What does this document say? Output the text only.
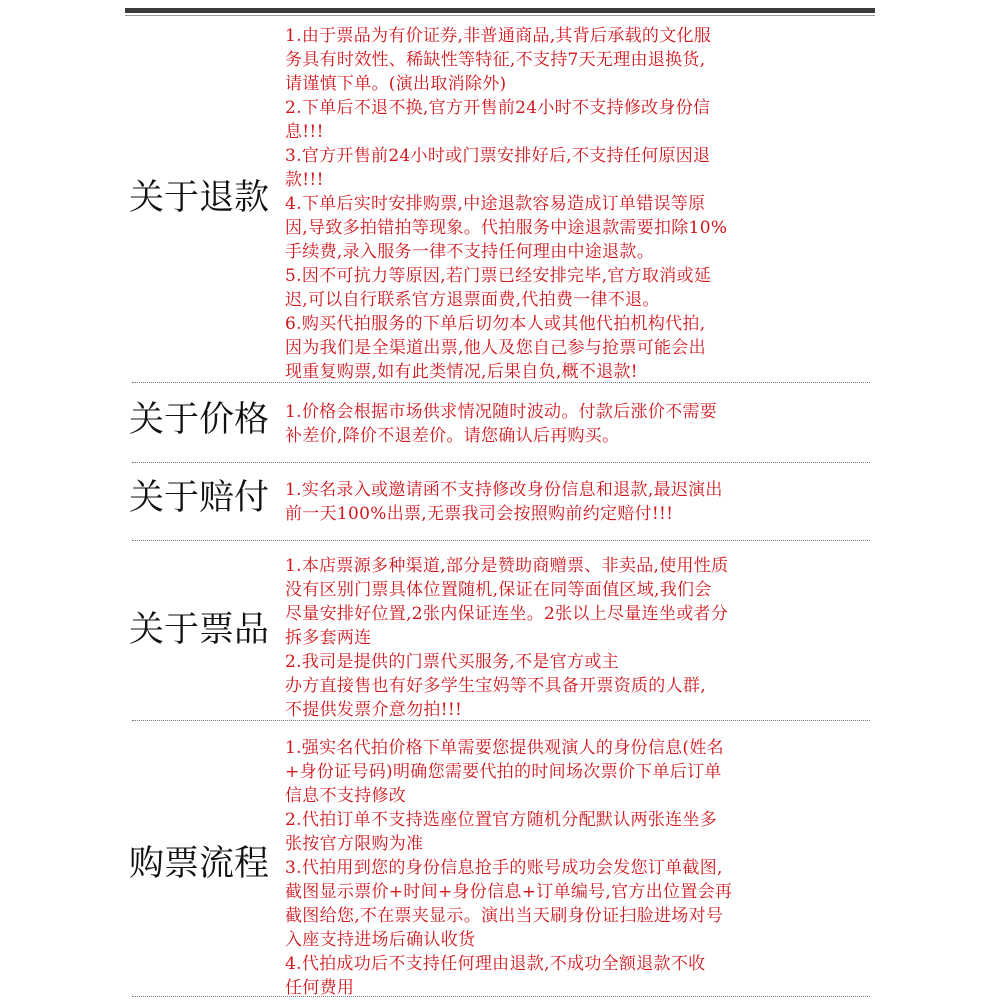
关于退款
1.由于票品为有价证券,非普通商品,其背后承载的文化服
务具有时效性、稀缺性等特征,不支持7天无理由退换货,
请谨慎下单。(演出取消除外)
2.下单后不退不换,官方开售前24小时不支持修改身份信
息!!!
3.官方开售前24小时或门票安排好后,不支持任何原因退
款!!!
4.下单后实时安排购票,中途退款容易造成订单错误等原
因,导致多拍错拍等现象。代拍服务中途退款需要扣除10%
手续费,录入服务一律不支持任何理由中途退款。
5.因不可抗力等原因,若门票已经安排完毕,官方取消或延
迟,可以自行联系官方退票面费,代拍费一律不退。
6.购买代拍服务的下单后切勿本人或其他代拍机构代拍,
因为我们是全渠道出票,他人及您自己参与抢票可能会出
现重复购票,如有此类情况,后果自负,概不退款!
关于价格 1.价格会根据市场供求情况随时波动。付款后涨价不需要
补差价,降价不退差价。请您确认后再购买。
关于赔付 1.实名录入或邀请函不支持修改身份信息和退款,最迟演出
前一天100%出票,无票我司会按照购前约定赔付!!!
关于票品
1.本店票源多种渠道,部分是赞助商赠票、非卖品,使用性质
没有区别门票具体位置随机,保证在同等面值区域,我们会
尽量安排好位置,2张内保证连坐。2张以上尽量连坐或者分
拆多套两连
2.我司是提供的门票代买服务,不是官方或主
办方直接售也有好多学生宝妈等不具备开票资质的人群,
不提供发票介意勿拍!!!
购票流程
1.强实名代拍价格下单需要您提供观演人的身份信息(姓名
+身份证号码)明确您需要代拍的时间场次票价下单后订单
信息不支持修改
2.代拍订单不支持选座位置官方随机分配默认两张连坐多
张按官方限购为准
3.代拍用到您的身份信息抢手的账号成功会发您订单截图,
截图显示票价+时间+身份信息+订单编号,官方出位置会再
截图给您,不在票夹显示。演出当天刷身份证扫脸进场对号
入座支持进场后确认收货
4.代拍成功后不支持任何理由退款,不成功全额退款不收
任何费用
